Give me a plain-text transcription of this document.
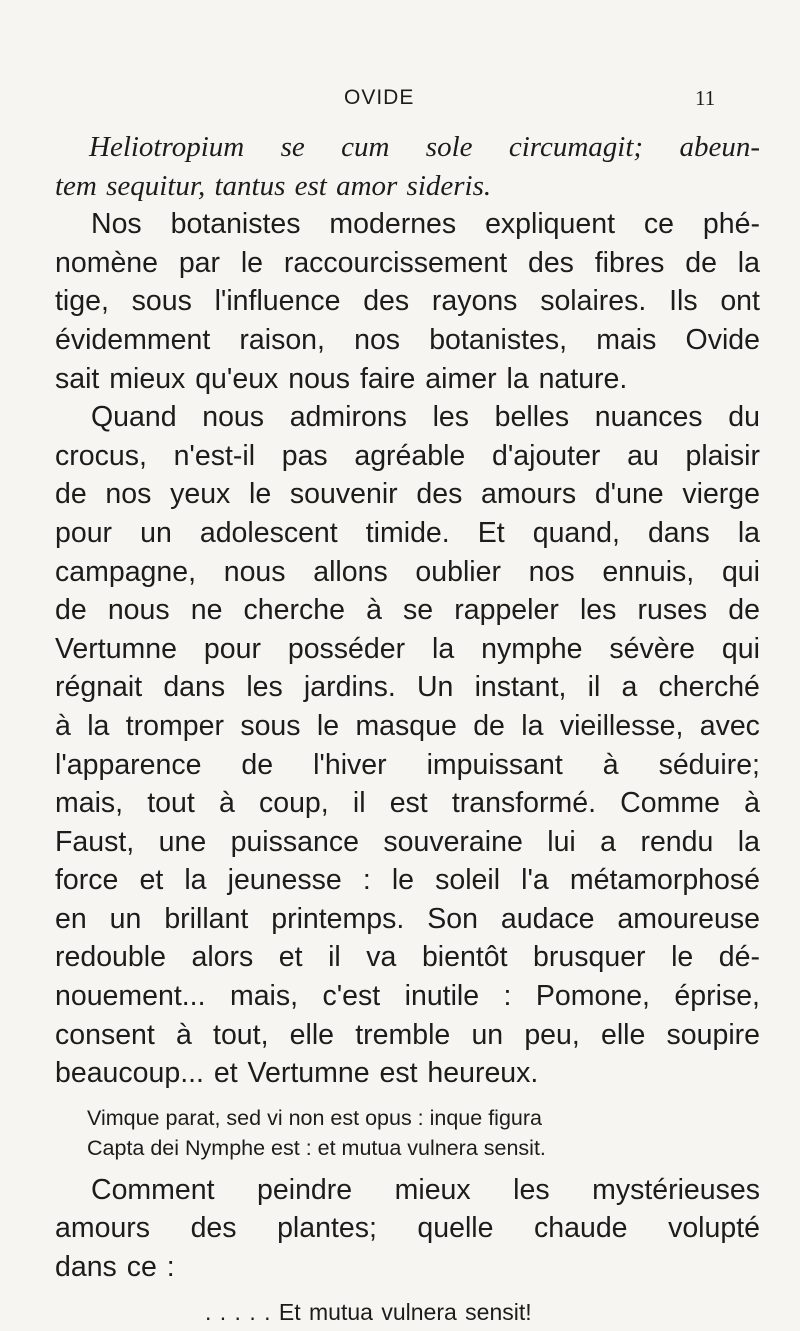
OVIDE	11
Heliotropium se cum sole circumagit; abeun-
tem sequitur, tantus est amor sideris.
Nos botanistes modernes expliquent ce phé-
nomène par le raccourcissement des fibres de la
tige, sous l'influence des rayons solaires. Ils ont
évidemment raison, nos botanistes, mais Ovide
sait mieux qu'eux nous faire aimer la nature.
Quand nous admirons les belles nuances du
crocus, n'est-il pas agréable d'ajouter au plaisir
de nos yeux le souvenir des amours d'une vierge
pour un adolescent timide. Et quand, dans la
campagne, nous allons oublier nos ennuis, qui
de nous ne cherche à se rappeler les ruses de
Vertumne pour posséder la nymphe sévère qui
régnait dans les jardins. Un instant, il a cherché
à la tromper sous le masque de la vieillesse, avec
l'apparence de l'hiver impuissant à séduire;
mais, tout à coup, il est transformé. Comme à
Faust, une puissance souveraine lui a rendu la
force et la jeunesse : le soleil l'a métamorphosé
en un brillant printemps. Son audace amoureuse
redouble alors et il va bientôt brusquer le dé-
nouement... mais, c'est inutile : Pomone, éprise,
consent à tout, elle tremble un peu, elle soupire
beaucoup... et Vertumne est heureux.
Vimque parat, sed vi non est opus : inque figura
Capta dei Nymphe est : et mutua vulnera sensit.
Comment peindre mieux les mystérieuses
amours des plantes; quelle chaude volupté
dans ce :
. . . . . Et mutua vulnera sensit!
